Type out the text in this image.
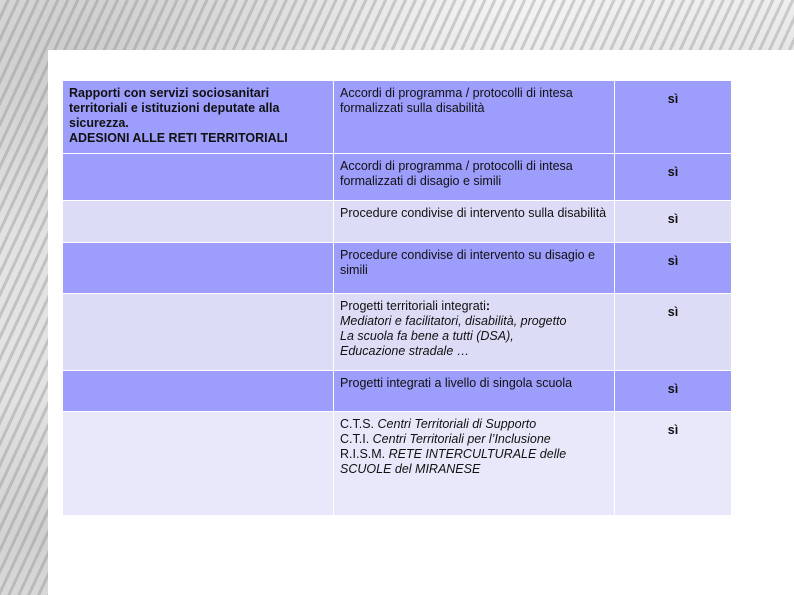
Rapporti con servizi sociosanitari
territoriali e istituzioni deputate alla
sicurezza.
ADESIONI ALLE RETI TERRITORIALI	Accordi di programma / protocolli di intesa formalizzati sulla disabilità	sì
	Accordi di programma / protocolli di intesa formalizzati di disagio e simili	sì
	Procedure condivise di intervento sulla disabilità	sì
	Procedure condivise di intervento su disagio e simili	sì
	Progetti territoriali integrati:
Mediatori e facilitatori, disabilità, progetto
La scuola fa bene a tutti (DSA),
Educazione stradale …	sì
	Progetti integrati a livello di singola scuola	sì
	C.T.S. Centri Territoriali di Supporto
C.T.I. Centri Territoriali per l’Inclusione
R.I.S.M. RETE INTERCULTURALE delle
SCUOLE del MIRANESE	sì
